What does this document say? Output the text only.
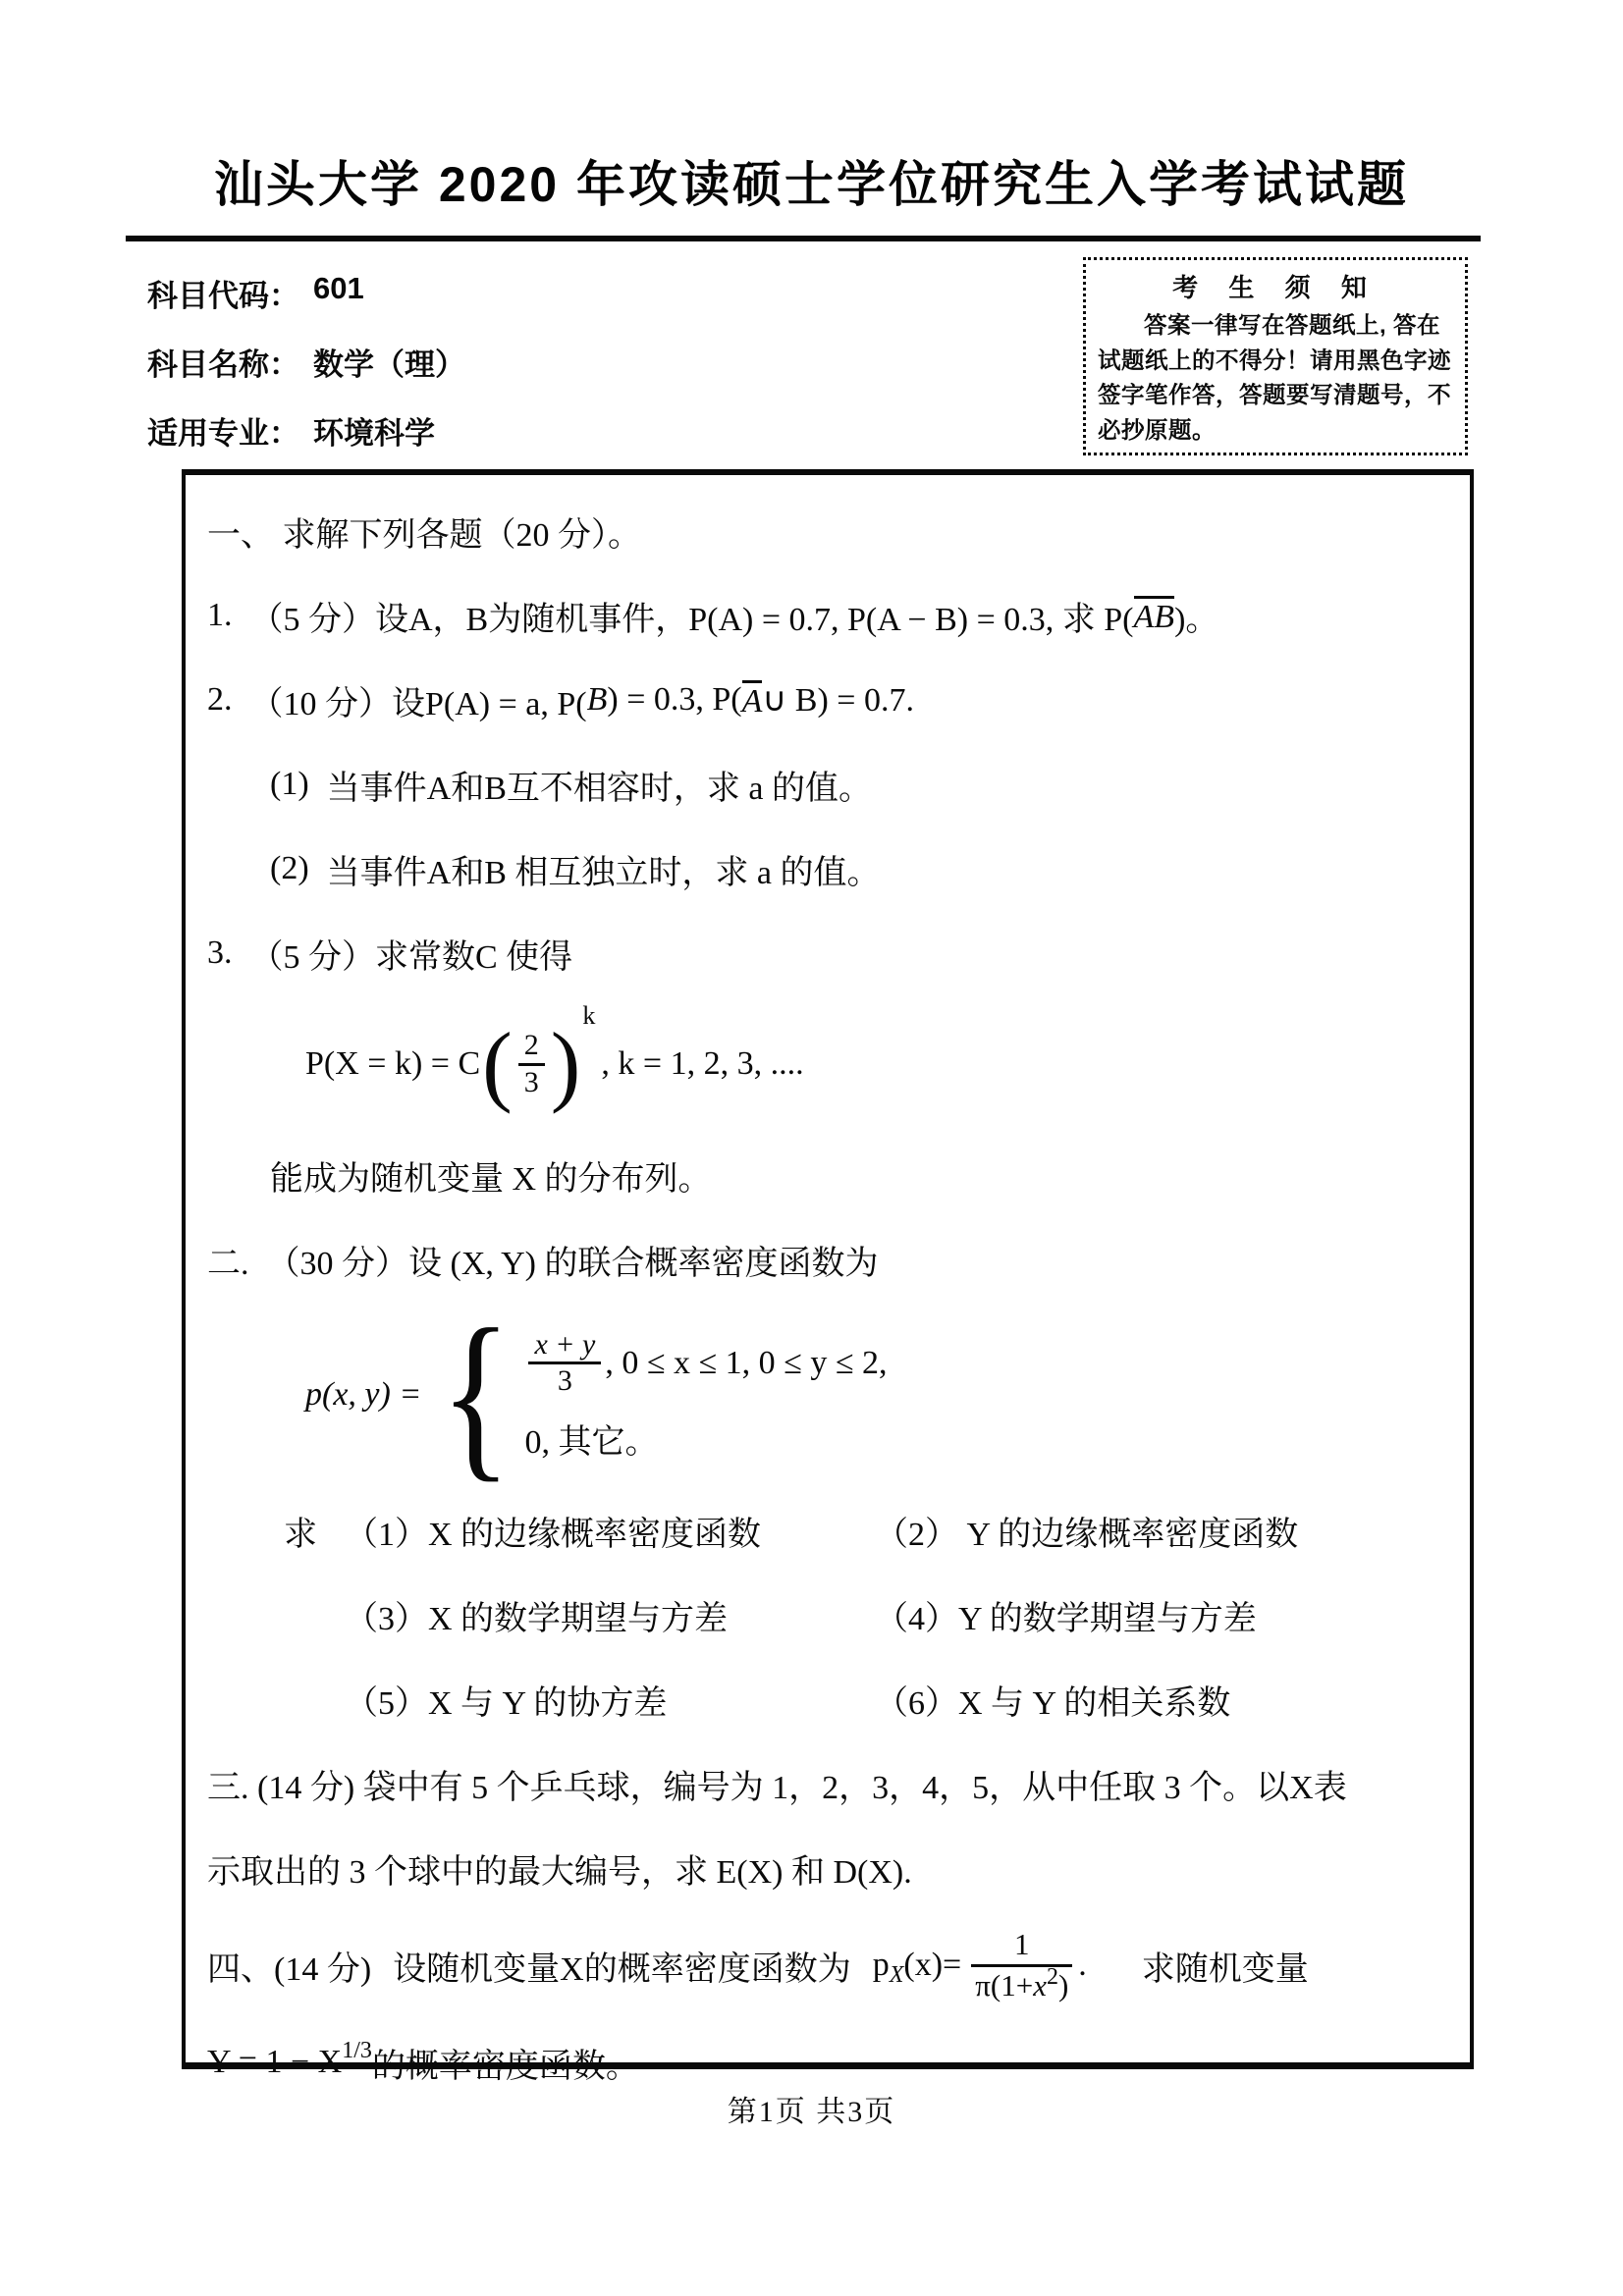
汕头大学 2020 年攻读硕士学位研究生入学考试试题
科目代码： 601
科目名称： 数学（理）
适用专业： 环境科学
考 生 须 知
答案一律写在答题纸上, 答在试题纸上的不得分！请用黑色字迹签字笔作答，答题要写清题号，不必抄原题。
一、 求解下列各题（20 分）。
1. （5 分）设A，B为随机事件，P(A) = 0.7, P(A − B) = 0.3, 求 P( AB )。
2. （10 分）设P(A) = a, P( B ) = 0.3, P( A ∪ B) = 0.7.
(1) 当事件A和B互不相容时，求 a 的值。
(2) 当事件A和B 相互独立时，求 a 的值。
3. （5 分）求常数C 使得
P(X = k) = C ( $\frac{2}{3}$ ) k
, k = 1, 2, 3, ....
能成为随机变量 X 的分布列。
二. （30 分）设 (X, Y) 的联合概率密度函数为
p(x, y) = { $\frac{x + y}{3}$ , 0 ≤ x ≤ 1, 0 ≤ y ≤ 2,
0, 其它。
求 （1）X 的边缘概率密度函数	（2） Y 的边缘概率密度函数
（3）X 的数学期望与方差	（4）Y 的数学期望与方差
（5）X 与 Y 的协方差	（6）X 与 Y 的相关系数
三. (14 分) 袋中有 5 个乒乓球，编号为 1，2，3，4，5，从中任取 3 个。以X表
示取出的 3 个球中的最大编号，求 E(X) 和 D(X).
四、(14 分) 设随机变量X的概率密度函数为 p X (x)=
1
$\pi(1+x^2)$
. 求随机变量
Y = 1 − X 1/3 的概率密度函数。
第1页 共3页
